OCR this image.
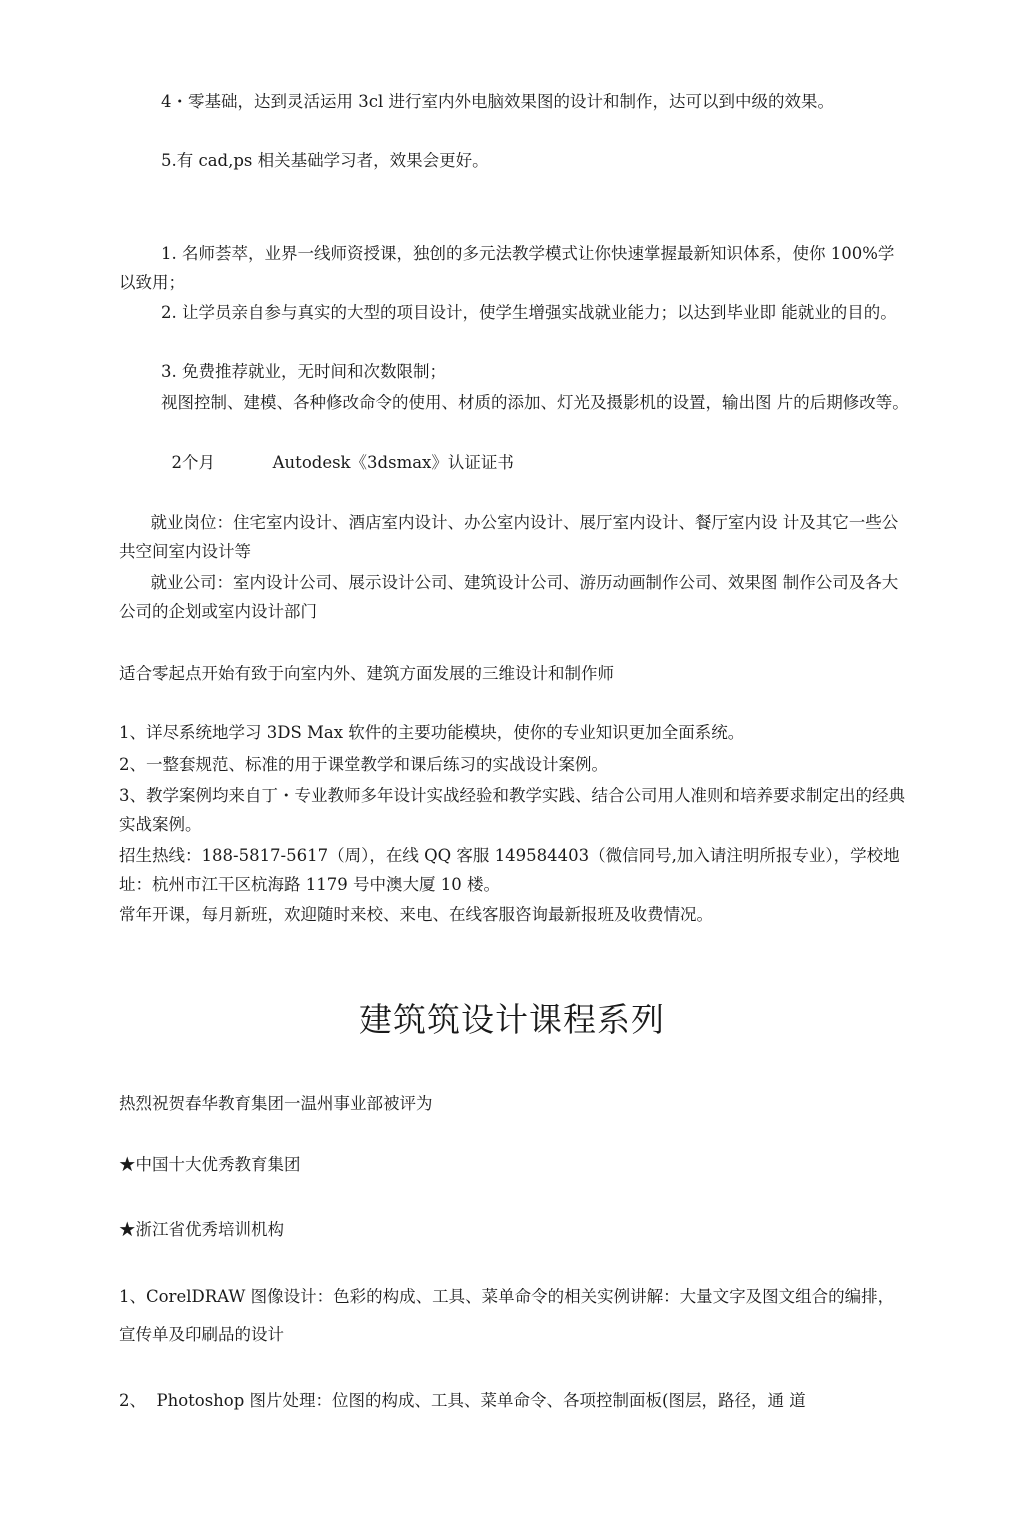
4・零基础，达到灵活运用 3cl 进行室内外电脑效果图的设计和制作，达可以到中级的效果。

5.有 cad,ps 相关基础学习者，效果会更好。

1. 名师荟萃，业界一线师资授课，独创的多元法教学模式让你快速掌握最新知识体系，使你 100%学以致用；

2. 让学员亲自参与真实的大型的项目设计，使学生增强实战就业能力；以达到毕业即 能就业的目的。

3. 免费推荐就业，无时间和次数限制；

视图控制、建模、各种修改命令的使用、材质的添加、灯光及摄影机的设置，输出图 片的后期修改等。

2个月           Autodesk《3dsmax》认证证书

就业岗位：住宅室内设计、酒店室内设计、办公室内设计、展厅室内设计、餐厅室内设 计及其它一些公共空间室内设计等

就业公司：室内设计公司、展示设计公司、建筑设计公司、游历动画制作公司、效果图 制作公司及各大公司的企划或室内设计部门

适合零起点开始有致于向室内外、建筑方面发展的三维设计和制作师

1、详尽系统地学习 3DS Max 软件的主要功能模块，使你的专业知识更加全面系统。

2、一整套规范、标准的用于课堂教学和课后练习的实战设计案例。

3、教学案例均来自丁・专业教师多年设计实战经验和教学实践、结合公司用人准则和培养要求制定出的经典实战案例。

招生热线：188-5817-5617（周），在线 QQ 客服 149584403（微信同号,加入请注明所报专业），学校地址：杭州市江干区杭海路 1179 号中澳大厦 10 楼。

常年开课，每月新班，欢迎随时来校、来电、在线客服咨询最新报班及收费情况。

建筑筑设计课程系列

热烈祝贺春华教育集团一温州事业部被评为

★中国十大优秀教育集团

★浙江省优秀培训机构

1、CorelDRAW 图像设计：色彩的构成、工具、菜单命令的相关实例讲解：大量文字及图文组合的编排，宣传单及印刷品的设计

2、  Photoshop 图片处理：位图的构成、工具、菜单命令、各项控制面板(图层，路径，通 道
